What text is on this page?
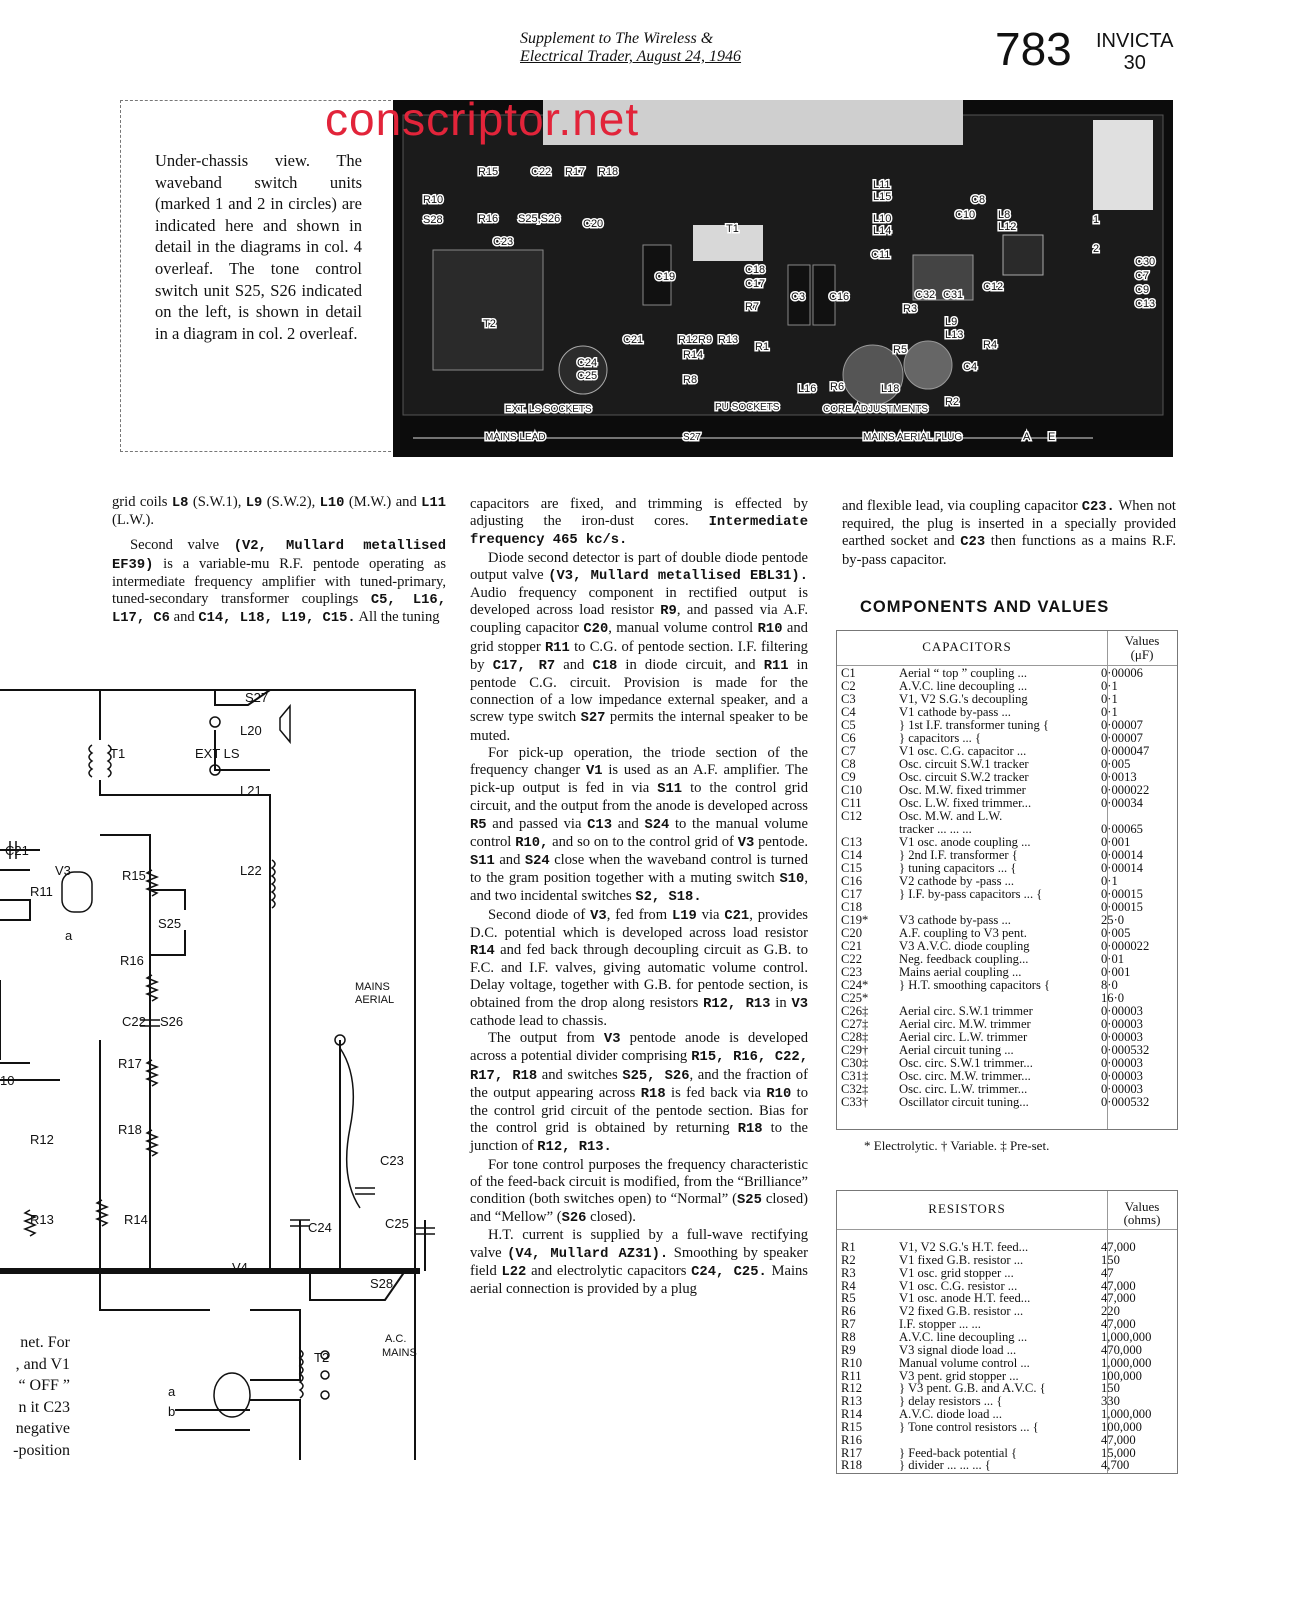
Supplement to The Wireless &
Electrical Trader, August 24, 1946	783 INVICTA
30
Under-chassis view. The waveband switch units (marked 1 and 2 in circles) are indicated here and shown in detail in the diagrams in col. 4 overleaf. The tone control switch unit S25, S26 indicated on the left, is shown in detail in a diagram in col. 2 overleaf.
R15	C22 R17 R18
R10
S28	R16 S25,S26 C20
C23
T1
L11
L15
L10
L14
C8
C10 L8
L12
1
2
C11
C30
C7
C9
C13
T2
C19
C18
C17
R7
C3 C16	C32 C31
C12
R3
L9
L13
C4
R4
C21
C24
C25
R12 R9 R13
R1
R14
R8
R5
L16 R6	L18
R2
A E
EXT. LS SOCKETS	PU SOCKETS	CORE ADJUSTMENTS
MAINS LEAD	S27	MAINS AERIAL PLUG
conscriptor.net

grid coils L8 (S.W.1), L9 (S.W.2), L10 (M.W.) and L11 (L.W.).

Second valve (V2, Mullard metallised EF39) is a variable-mu R.F. pentode operating as intermediate frequency amplifier with tuned-primary, tuned-secondary transformer couplings C5, L16, L17, C6 and C14, L18, L19, C15. All the tuning

capacitors are fixed, and trimming is effected by adjusting the iron-dust cores. Intermediate frequency 465 kc/s.

Diode second detector is part of double diode pentode output valve (V3, Mullard metallised EBL31). Audio frequency component in rectified output is developed across load resistor R9, and passed via A.F. coupling capacitor C20, manual volume control R10 and grid stopper R11 to C.G. of pentode section. I.F. filtering by C17, R7 and C18 in diode circuit, and R11 in pentode C.G. circuit. Provision is made for the connection of a low impedance external speaker, and a screw type switch S27 permits the internal speaker to be muted.

For pick-up operation, the triode section of the frequency changer V1 is used as an A.F. amplifier. The pick-up output is fed in via S11 to the control grid circuit, and the output from the anode is developed across R5 and passed via C13 and S24 to the manual volume control R10, and so on to the control grid of V3 pentode. S11 and S24 close when the waveband control is turned to the gram position together with a muting switch S10, and two incidental switches S2, S18.

Second diode of V3, fed from L19 via C21, provides D.C. potential which is developed across load resistor R14 and fed back through decoupling circuit as G.B. to F.C. and I.F. valves, giving automatic volume control. Delay voltage, together with G.B. for pentode section, is obtained from the drop along resistors R12, R13 in V3 cathode lead to chassis.

The output from V3 pentode anode is developed across a potential divider comprising R15, R16, C22, R17, R18 and switches S25, S26, and the fraction of the output appearing across R18 is fed back via R10 to the control grid circuit of the pentode section. Bias for the control grid is obtained by returning R18 to the junction of R12, R13.

For tone control purposes the frequency characteristic of the feed-back circuit is modified, from the “Brilliance” condition (both switches open) to “Normal” (S25 closed) and “Mellow” (S26 closed).

H.T. current is supplied by a full-wave rectifying valve (V4, Mullard AZ31). Smoothing by speaker field L22 and electrolytic capacitors C24, C25. Mains aerial connection is provided by a plug

and flexible lead, via coupling capacitor C23. When not required, the plug is inserted in a specially provided earthed socket and C23 then functions as a mains R.F. by-pass capacitor.

COMPONENTS AND VALUES
CAPACITORS	Values
(μF)
C1	Aerial “ top ” coupling ...	0·00006
C2	A.V.C. line decoupling ...	0·1
C3	V1, V2 S.G.'s decoupling	0·1
C4	V1 cathode by-pass ...	0·1
C5	} 1st I.F. transformer tuning {	0·00007
C6	} capacitors ... {	0·00007
C7	V1 osc. C.G. capacitor ...	0·000047
C8	Osc. circuit S.W.1 tracker	0·005
C9	Osc. circuit S.W.2 tracker	0·0013
C10	Osc. M.W. fixed trimmer	0·000022
C11	Osc. L.W. fixed trimmer...	0·00034
C12	Osc. M.W. and L.W.
tracker ... ... ...	0·00065
C13	V1 osc. anode coupling ...	0·001
C14	} 2nd I.F. transformer {	0·00014
C15	} tuning capacitors ... {	0·00014
C16	V2 cathode by -pass ...	0·1
C17	} I.F. by-pass capacitors ... {	0·00015
C18	0·00015
C19* V3 cathode by-pass ...	25·0
C20	A.F. coupling to V3 pent.	0·005
C21	V3 A.V.C. diode coupling	0·000022
C22	Neg. feedback coupling...	0·01
C23	Mains aerial coupling ...	0·001
C24* } H.T. smoothing capacitors {	8·0
C25*	16·0
C26‡ Aerial circ. S.W.1 trimmer	0·00003
C27‡ Aerial circ. M.W. trimmer	0·00003
C28‡ Aerial circ. L.W. trimmer	0·00003
C29† Aerial circuit tuning ...	0·000532
C30‡ Osc. circ. S.W.1 trimmer...	0·00003
C31‡ Osc. circ. M.W. trimmer...	0·00003
C32‡ Osc. circ. L.W. trimmer...	0·00003
C33† Oscillator circuit tuning...	0·000532
* Electrolytic. † Variable. ‡ Pre-set.
RESISTORS	Values
(ohms)
R1	V1, V2 S.G.'s H.T. feed...	47,000
R2	V1 fixed G.B. resistor ...	150
R3	V1 osc. grid stopper ...	47
R4	V1 osc. C.G. resistor ...	47,000
R5	V1 osc. anode H.T. feed...	47,000
R6	V2 fixed G.B. resistor ...	220
R7	I.F. stopper ... ...	47,000
R8	A.V.C. line decoupling ...	1,000,000
R9	V3 signal diode load ...	470,000
R10	Manual volume control ...	1,000,000
R11	V3 pent. grid stopper ...	100,000
R12	} V3 pent. G.B. and A.V.C. {	150
R13	} delay resistors ... {	330
R14	A.V.C. diode load ...	1,000,000
R15	} Tone control resistors ... {	100,000
R16	47,000
R17	} Feed-back potential {	15,000
R18	} divider ... ... ... {	4,700
S27
L20
T1	EXT LS
L21
C21
V3	R15	L22
R11
S25
a
R16
MAINS
AERIAL
C22 S26
R17
10
R12
R18
C23
R13	R14
C24	C25
V4
S28
T2
A.C.
MAINS
a
b
net. For
, and V1
“ OFF ”
n it C23
negative
-position
